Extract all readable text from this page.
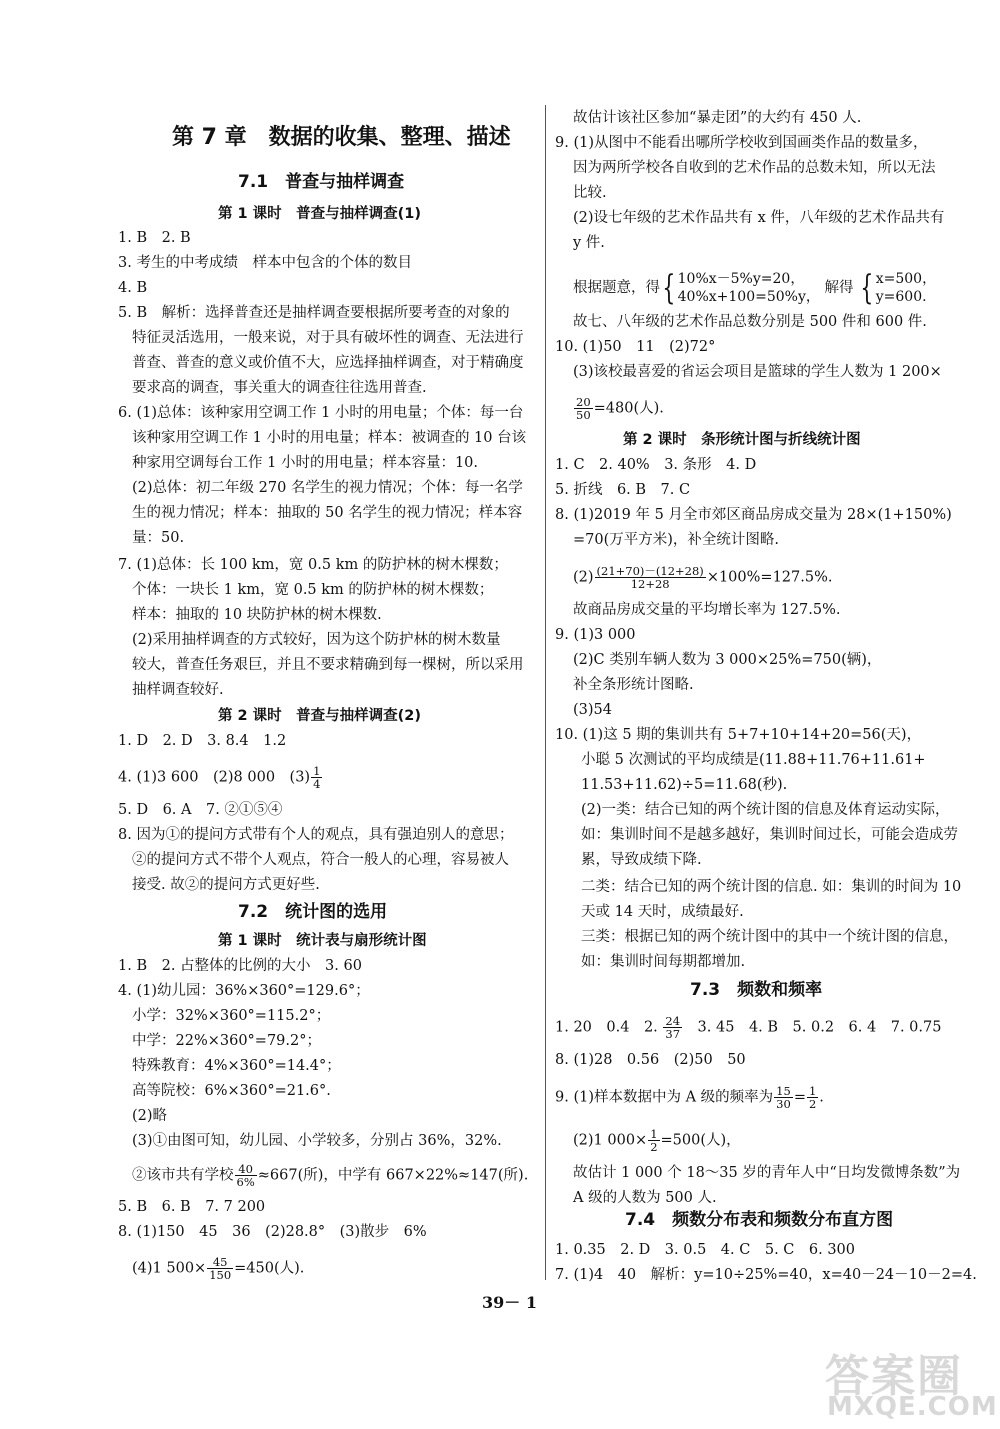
第 7 章　数据的收集、整理、描述
7.1　普查与抽样调查
第 1 课时　普查与抽样调查(1)
1. B　2. B
3. 考生的中考成绩　样本中包含的个体的数目
4. B
5. B　解析：选择普查还是抽样调查要根据所要考查的对象的
特征灵活选用，一般来说，对于具有破坏性的调查、无法进行
普查、普查的意义或价值不大，应选择抽样调查，对于精确度
要求高的调查，事关重大的调查往往选用普查.
6. (1)总体：该种家用空调工作 1 小时的用电量；个体：每一台
该种家用空调工作 1 小时的用电量；样本：被调查的 10 台该
种家用空调每台工作 1 小时的用电量；样本容量：10.
(2)总体：初二年级 270 名学生的视力情况；个体：每一名学
生的视力情况；样本：抽取的 50 名学生的视力情况；样本容
量：50.
7. (1)总体：长 100 km，宽 0.5 km 的防护林的树木棵数；
个体：一块长 1 km，宽 0.5 km 的防护林的树木棵数；
样本：抽取的 10 块防护林的树木棵数.
(2)采用抽样调查的方式较好，因为这个防护林的树木数量
较大，普查任务艰巨，并且不要求精确到每一棵树，所以采用
抽样调查较好.
第 2 课时　普查与抽样调查(2)
1. D　2. D　3. 8.4　1.2
4. (1)3 600　(2)8 000　$(3) \frac{1}{4}$
5. D　6. A　7. ②①⑤④
8. 因为①的提问方式带有个人的观点，具有强迫别人的意思；
②的提问方式不带个人观点，符合一般人的心理，容易被人
接受. 故②的提问方式更好些.
7.2　统计图的选用
第 1 课时　统计表与扇形统计图
1. B　2. 占整体的比例的大小　3. 60
4. (1)幼儿园：36%×360°=129.6°；
小学：32%×360°=115.2°；
中学：22%×360°=79.2°；
特殊教育：4%×360°=14.4°；
高等院校：6%×360°=21.6°.
(2)略
(3)①由图可知，幼儿园、小学较多，分别占 36%，32%.
②该市共有学校 $\frac{40}{6\%} \approx 667$(所)，中学有 667×22%≈147(所).
5. B　6. B　7. 7 200
8. (1)150　45　36　(2)28.8°　(3)散步　6%
(4)1 $500\times \frac{45}{150} =450$(人).
故估计该社区参加“暴走团”的大约有 450 人.
9. (1)从图中不能看出哪所学校收到国画类作品的数量多，
因为两所学校各自收到的艺术作品的总数未知，所以无法
比较.
(2)设七年级的艺术作品共有 x 件，八年级的艺术作品共有
y 件.
根据题意，得{ 10%x－5%y=20，
40%x+100=50%y，
解得 { x=500，
y=600.
故七、八年级的艺术作品总数分别是 500 件和 600 件.
10. (1)50　11　(2)72°
(3)该校最喜爱的省运会项目是篮球的学生人数为 1 200×
$\frac{20}{50} =480$(人).
第 2 课时　条形统计图与折线统计图
1. C　2. 40%　3. 条形　4. D
5. 折线　6. B　7. C
8. (1)2019 年 5 月全市郊区商品房成交量为 28×(1+150%)
=70(万平方米)，补全统计图略.
$(2) \frac{(21+70)-(12+28)}{12+28} \times 100\%=127.5\%$.
故商品房成交量的平均增长率为 127.5%.
9. (1)3 000
(2)C 类别车辆人数为 3 000×25%=750(辆)，
补全条形统计图略.
(3)54
10. (1)这 5 期的集训共有 5+7+10+14+20=56(天)，
小聪 5 次测试的平均成绩是(11.88+11.76+11.61+
11.53+11.62)÷5=11.68(秒).
(2)一类：结合已知的两个统计图的信息及体育运动实际，
如：集训时间不是越多越好，集训时间过长，可能会造成劳
累，导致成绩下降.
二类：结合已知的两个统计图的信息. 如：集训的时间为 10
天或 14 天时，成绩最好.
三类：根据已知的两个统计图中的其中一个统计图的信息，
如：集训时间每期都增加.
7.3　频数和频率
1. 20　0.4　2. $\frac{24}{37}$ 　3. 45　4. B　5. 0.2　6. 4　7. 0.75
8. (1)28　0.56　(2)50　50
9. (1)样本数据中为 A 级的频率为 $\frac{15}{30} = \frac{1}{2}$ .
(2)1 $000\times \frac{1}{2} =500$(人)，
故估计 1 000 个 18～35 岁的青年人中“日均发微博条数”为
A 级的人数为 500 人.
7.4　频数分布表和频数分布直方图
1. 0.35　2. D　3. 0.5　4. C　5. C　6. 300
7. (1)4　40　解析：y=10÷25%=40，x=40－24－10－2=4.
39－ 1
答案圈
MXQE.COM
